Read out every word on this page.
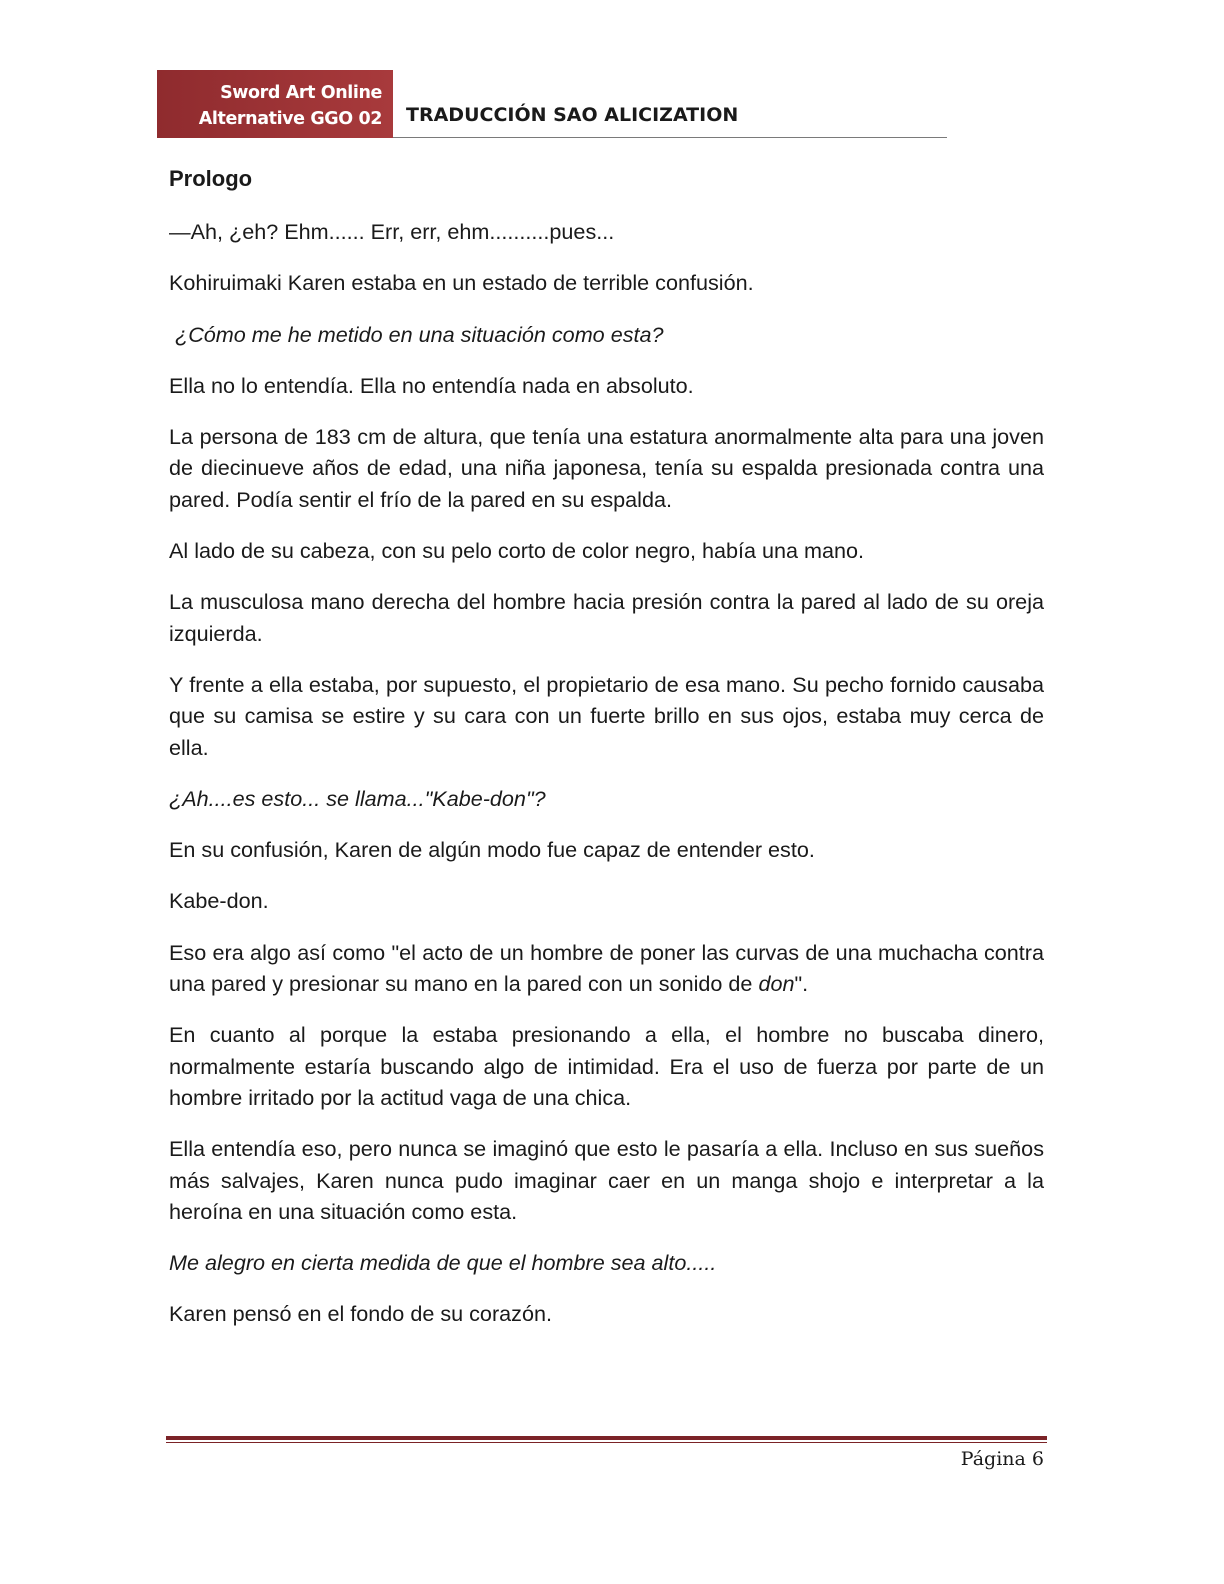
Sword Art Online
Alternative GGO 02 TRADUCCIÓN SAO ALICIZATION
Prologo

—Ah, ¿eh? Ehm...... Err, err, ehm..........pues...

Kohiruimaki Karen estaba en un estado de terrible confusión.

¿Cómo me he metido en una situación como esta?

Ella no lo entendía. Ella no entendía nada en absoluto.

La persona de 183 cm de altura, que tenía una estatura anormalmente alta para una joven de diecinueve años de edad, una niña japonesa, tenía su espalda presionada contra una pared. Podía sentir el frío de la pared en su espalda.

Al lado de su cabeza, con su pelo corto de color negro, había una mano.

La musculosa mano derecha del hombre hacia presión contra la pared al lado de su oreja izquierda.

Y frente a ella estaba, por supuesto, el propietario de esa mano. Su pecho fornido causaba que su camisa se estire y su cara con un fuerte brillo en sus ojos, estaba muy cerca de ella.

¿Ah....es esto... se llama..."Kabe-don"?

En su confusión, Karen de algún modo fue capaz de entender esto.

Kabe-don.

Eso era algo así como "el acto de un hombre de poner las curvas de una muchacha contra una pared y presionar su mano en la pared con un sonido de don".

En cuanto al porque la estaba presionando a ella, el hombre no buscaba dinero, normalmente estaría buscando algo de intimidad. Era el uso de fuerza por parte de un hombre irritado por la actitud vaga de una chica.

Ella entendía eso, pero nunca se imaginó que esto le pasaría a ella. Incluso en sus sueños más salvajes, Karen nunca pudo imaginar caer en un manga shojo e interpretar a la heroína en una situación como esta.

Me alegro en cierta medida de que el hombre sea alto.....

Karen pensó en el fondo de su corazón.

Página 6
